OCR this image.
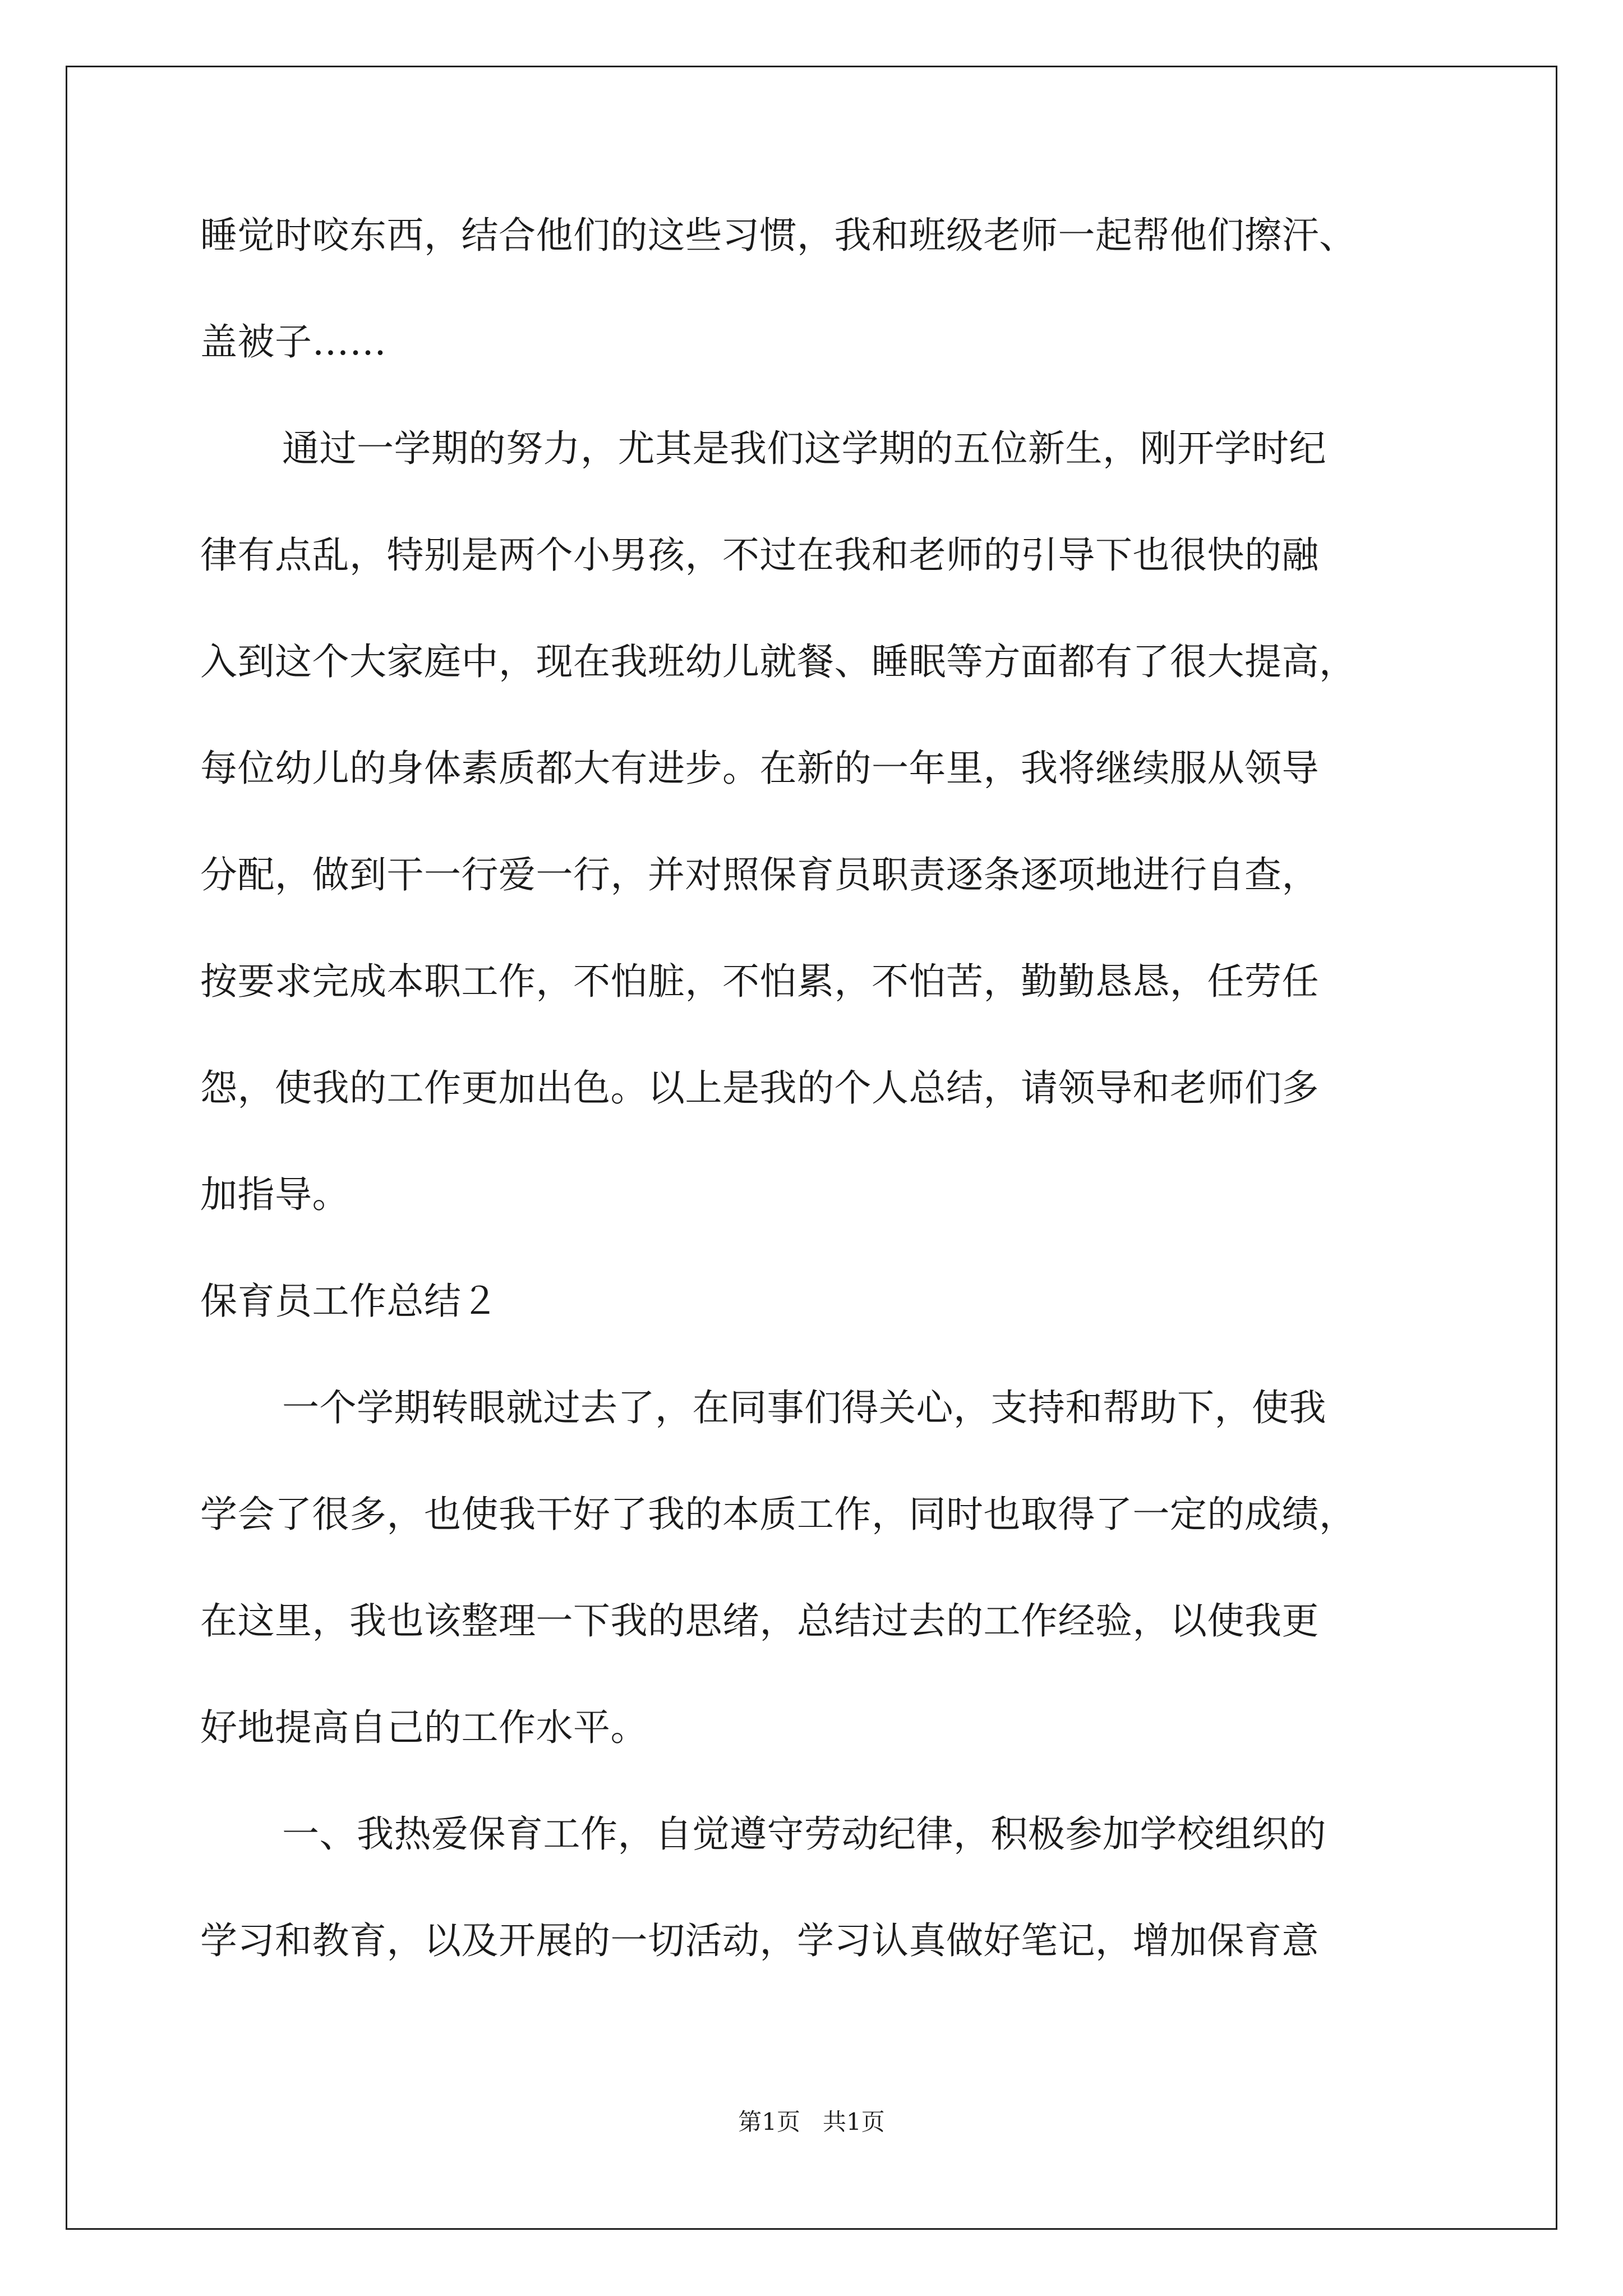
睡觉时咬东西，结合他们的这些习惯，我和班级老师一起帮他们擦汗、
盖被子……
通过一学期的努力，尤其是我们这学期的五位新生，刚开学时纪
律有点乱，特别是两个小男孩，不过在我和老师的引导下也很快的融
入到这个大家庭中，现在我班幼儿就餐、睡眠等方面都有了很大提高，
每位幼儿的身体素质都大有进步。在新的一年里，我将继续服从领导
分配，做到干一行爱一行，并对照保育员职责逐条逐项地进行自查，
按要求完成本职工作，不怕脏，不怕累，不怕苦，勤勤恳恳，任劳任
怨，使我的工作更加出色。以上是我的个人总结，请领导和老师们多
加指导。
保育员工作总结２
一个学期转眼就过去了，在同事们得关心，支持和帮助下，使我
学会了很多，也使我干好了我的本质工作，同时也取得了一定的成绩，
在这里，我也该整理一下我的思绪，总结过去的工作经验，以使我更
好地提高自己的工作水平。
一、我热爱保育工作，自觉遵守劳动纪律，积极参加学校组织的
学习和教育，以及开展的一切活动，学习认真做好笔记，增加保育意
第1页   共1页
